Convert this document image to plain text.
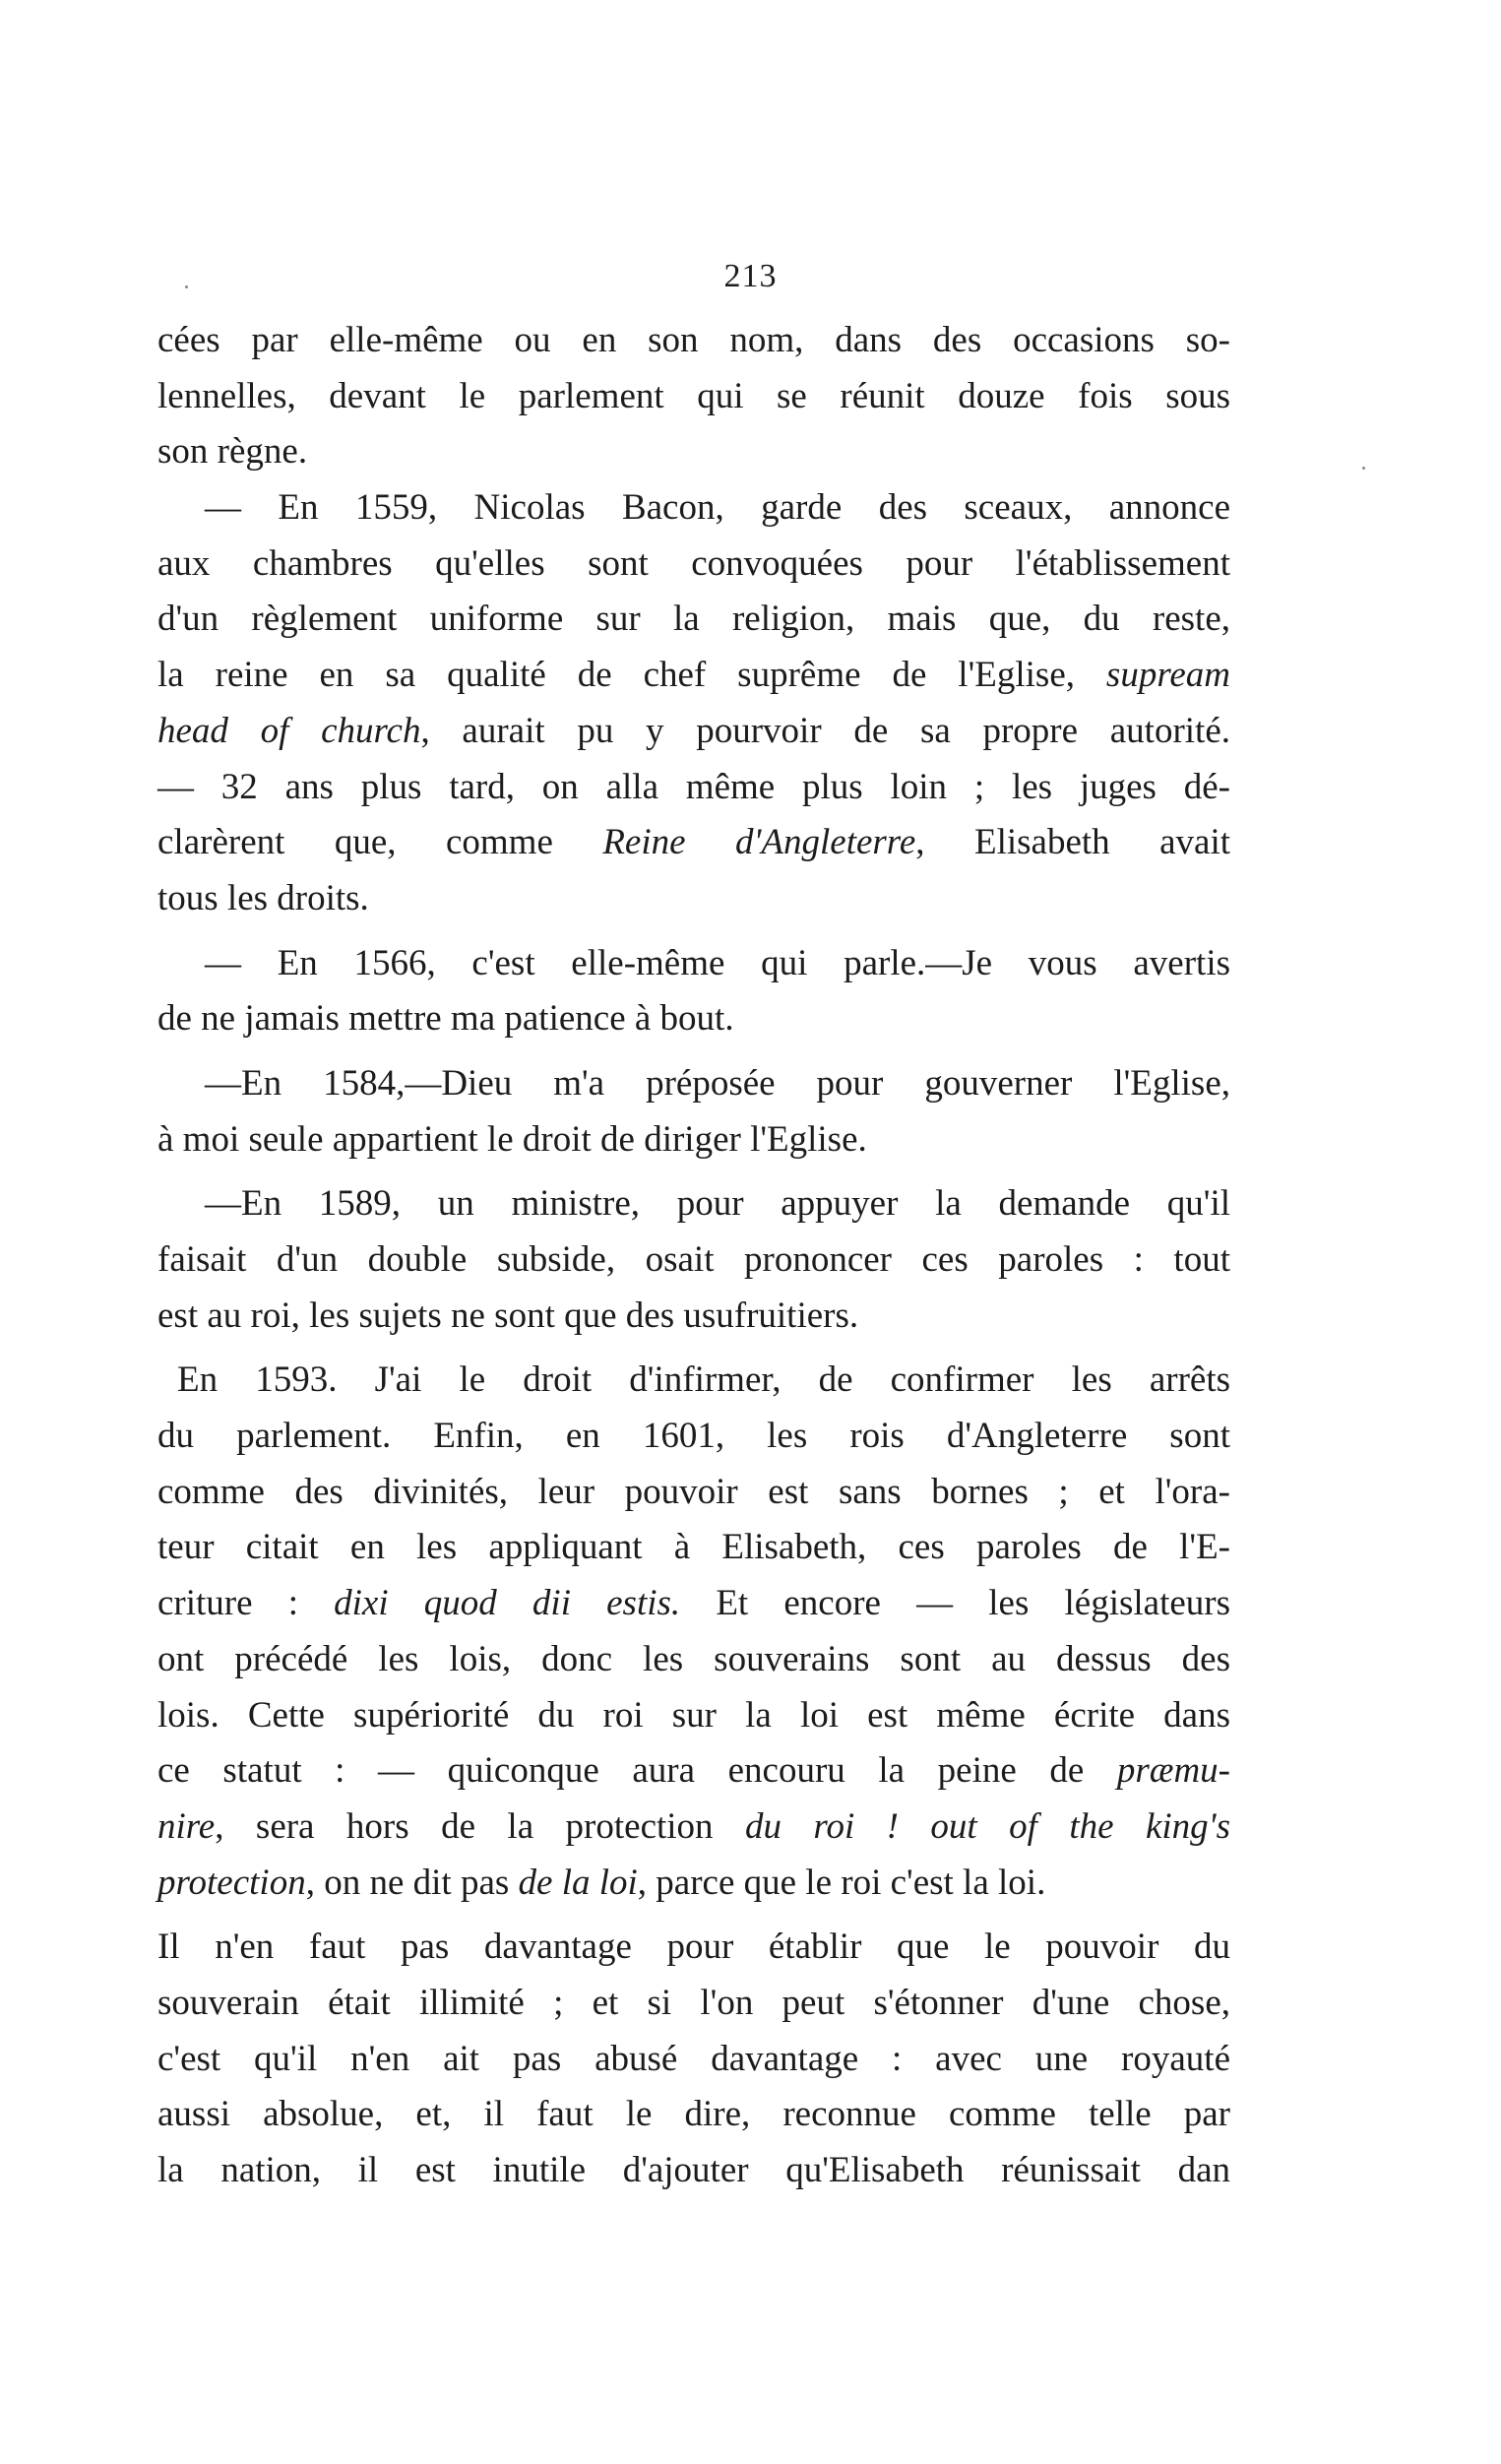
213
cées par elle-même ou en son nom, dans des occasions so-
lennelles, devant le parlement qui se réunit douze fois sous
son règne.
— En 1559, Nicolas Bacon, garde des sceaux, annonce
aux chambres qu'elles sont convoquées pour l'établissement
d'un règlement uniforme sur la religion, mais que, du reste,
la reine en sa qualité de chef suprême de l'Eglise, supream
head of church, aurait pu y pourvoir de sa propre autorité.
— 32 ans plus tard, on alla même plus loin ; les juges dé-
clarèrent que, comme Reine d'Angleterre, Elisabeth avait
tous les droits.
— En 1566, c'est elle-même qui parle.—Je vous avertis
de ne jamais mettre ma patience à bout.
—En 1584,—Dieu m'a préposée pour gouverner l'Eglise,
à moi seule appartient le droit de diriger l'Eglise.
—En 1589, un ministre, pour appuyer la demande qu'il
faisait d'un double subside, osait prononcer ces paroles : tout
est au roi, les sujets ne sont que des usufruitiers.
En 1593. J'ai le droit d'infirmer, de confirmer les arrêts
du parlement. Enfin, en 1601, les rois d'Angleterre sont
comme des divinités, leur pouvoir est sans bornes ; et l'ora-
teur citait en les appliquant à Elisabeth, ces paroles de l'E-
criture : dixi quod dii estis. Et encore — les législateurs
ont précédé les lois, donc les souverains sont au dessus des
lois. Cette supériorité du roi sur la loi est même écrite dans
ce statut : — quiconque aura encouru la peine de præmu-
nire, sera hors de la protection du roi ! out of the king's
protection, on ne dit pas de la loi, parce que le roi c'est la loi.
Il n'en faut pas davantage pour établir que le pouvoir du
souverain était illimité ; et si l'on peut s'étonner d'une chose,
c'est qu'il n'en ait pas abusé davantage : avec une royauté
aussi absolue, et, il faut le dire, reconnue comme telle par
la nation, il est inutile d'ajouter qu'Elisabeth réunissait dan
